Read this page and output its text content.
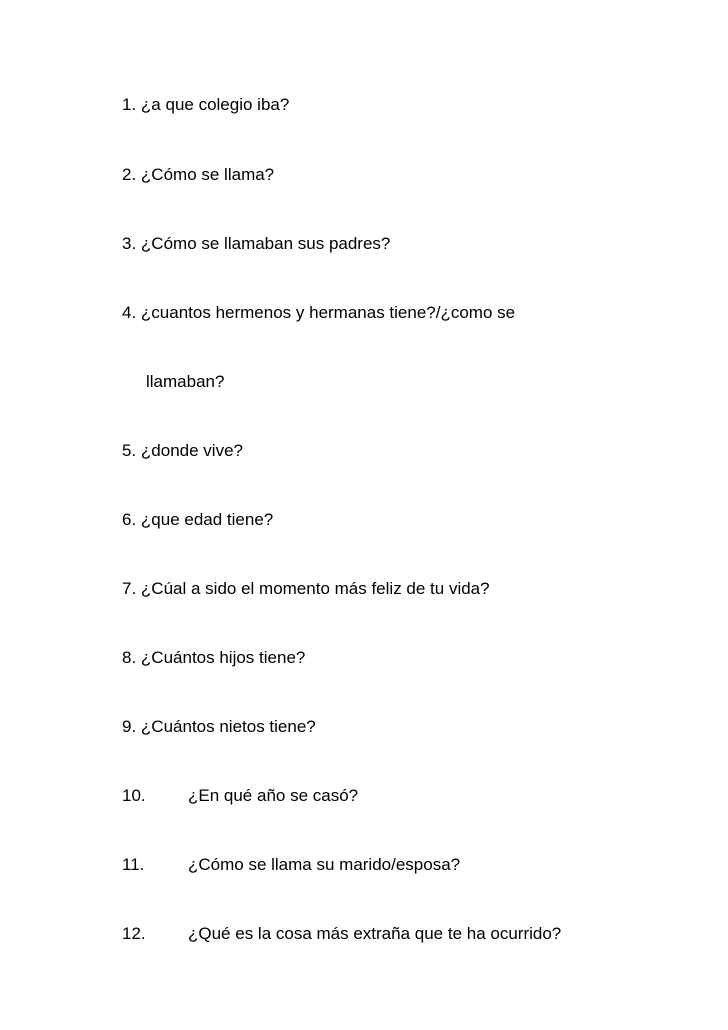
1. ¿a que colegio iba?
2. ¿Cómo se llama?
3. ¿Cómo se llamaban sus padres?
4. ¿cuantos hermenos y hermanas tiene?/¿como se
llamaban?
5. ¿donde vive?
6. ¿que edad tiene?
7. ¿Cúal a sido el momento más feliz de tu vida?
8. ¿Cuántos hijos tiene?
9. ¿Cuántos nietos tiene?
10. ¿En qué año se casó?
11.	¿Cómo se llama su marido/esposa?
12. ¿Qué es la cosa más extraña que te ha ocurrido?
